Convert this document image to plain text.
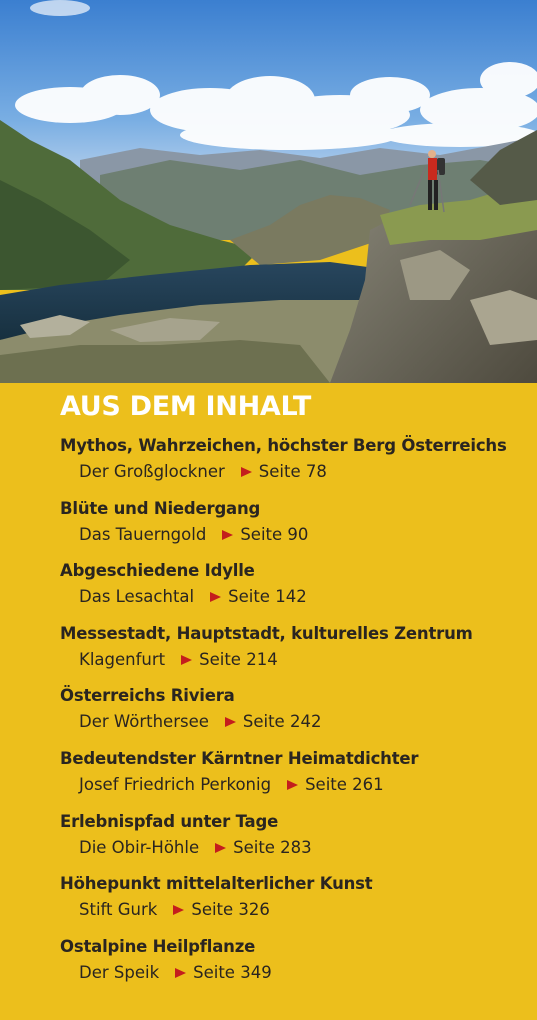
AUS DEM INHALT
Mythos, Wahrzeichen, höchster Berg Österreichs
Der Großglockner Seite 78
Blüte und Niedergang
Das Tauerngold Seite 90
Abgeschiedene Idylle
Das Lesachtal Seite 142
Messestadt, Hauptstadt, kulturelles Zentrum
Klagenfurt Seite 214
Österreichs Riviera
Der Wörthersee Seite 242
Bedeutendster Kärntner Heimatdichter
Josef Friedrich Perkonig Seite 261
Erlebnispfad unter Tage
Die Obir-Höhle Seite 283
Höhepunkt mittelalterlicher Kunst
Stift Gurk Seite 326
Ostalpine Heilpflanze
Der Speik Seite 349
